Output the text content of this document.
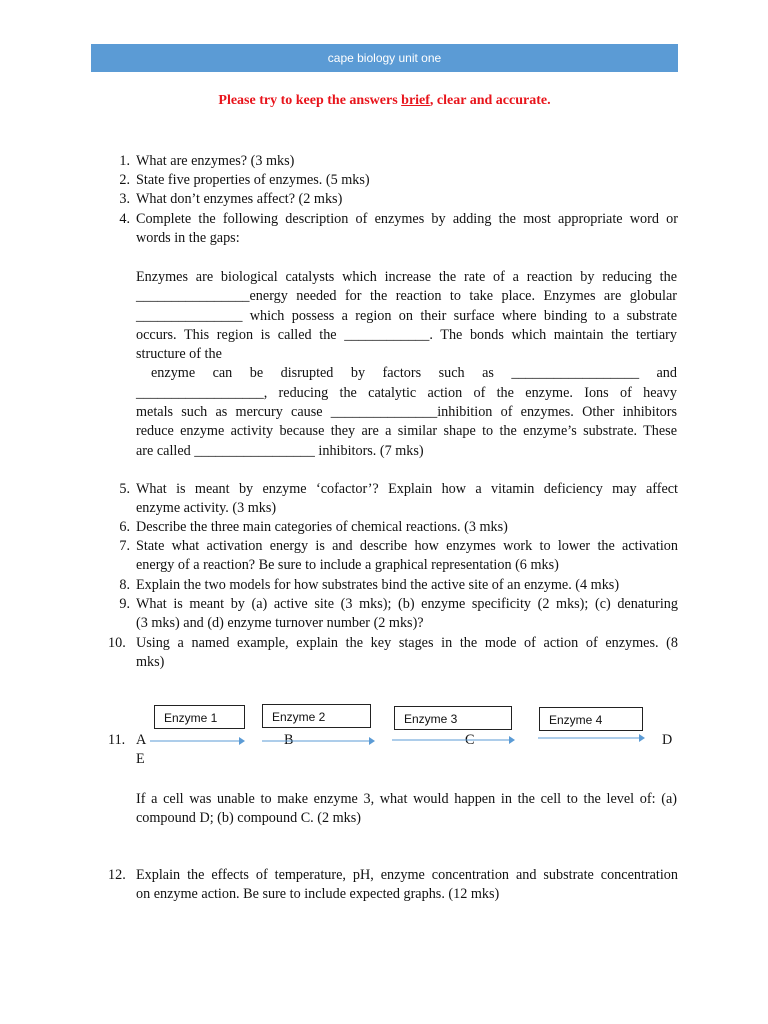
cape biology unit one
Please try to keep the answers brief, clear and accurate.
1. What are enzymes? (3 mks)
2. State five properties of enzymes. (5 mks)
3. What don’t enzymes affect? (2 mks)
4. Complete the following description of enzymes by adding the most appropriate word or
words in the gaps:
Enzymes are biological catalysts which increase the rate of a reaction by reducing the
________________energy needed for the reaction to take place. Enzymes are globular
_______________ which possess a region on their surface where binding to a substrate
occurs. This region is called the ____________. The bonds which maintain the tertiary
structure of the
enzyme can be disrupted by factors such as __________________ and
__________________, reducing the catalytic action of the enzyme. Ions of heavy
metals such as mercury cause _______________inhibition of enzymes. Other inhibitors
reduce enzyme activity because they are a similar shape to the enzyme’s substrate. These
are called _________________ inhibitors. (7 mks)
5. What is meant by enzyme ‘cofactor’? Explain how a vitamin deficiency may affect
enzyme activity. (3 mks)
6. Describe the three main categories of chemical reactions. (3 mks)
7. State what activation energy is and describe how enzymes work to lower the activation
energy of a reaction? Be sure to include a graphical representation (6 mks)
8. Explain the two models for how substrates bind the active site of an enzyme. (4 mks)
9. What is meant by (a) active site (3 mks); (b) enzyme specificity (2 mks); (c) denaturing
(3 mks) and (d) enzyme turnover number (2 mks)?
10. Using a named example, explain the key stages in the mode of action of enzymes. (8
mks)
Enzyme 1	Enzyme 2	Enzyme 3	Enzyme 4
11. A	B	C	D
E
If a cell was unable to make enzyme 3, what would happen in the cell to the level of: (a)
compound D; (b) compound C. (2 mks)
12. Explain the effects of temperature, pH, enzyme concentration and substrate concentration
on enzyme action. Be sure to include expected graphs. (12 mks)
